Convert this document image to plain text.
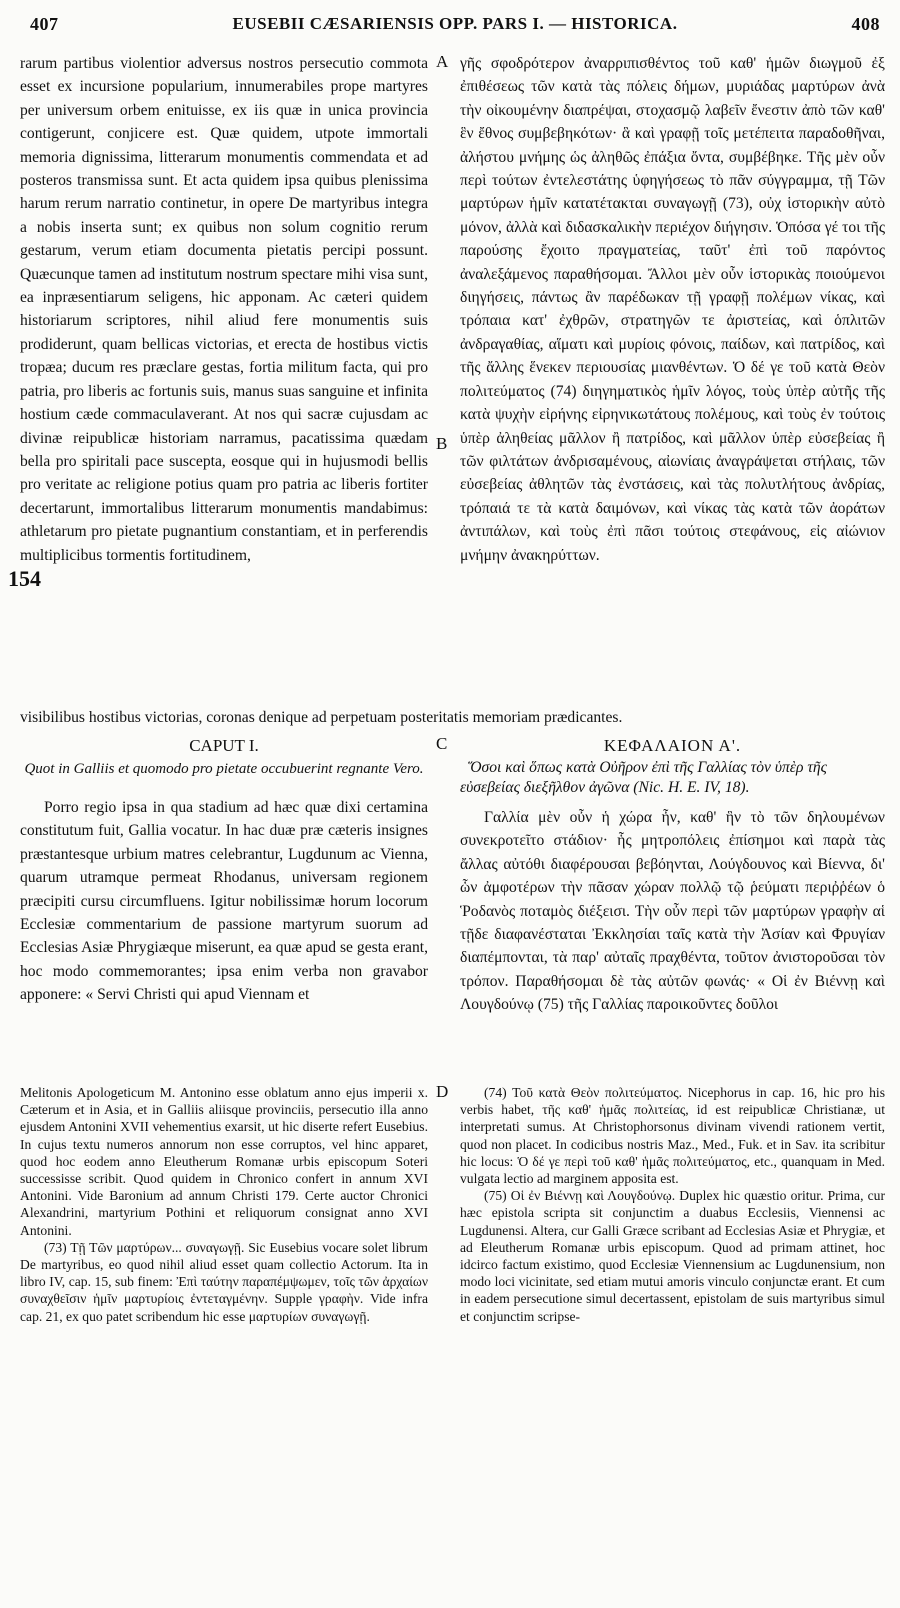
407	EUSEBII CÆSARIENSIS OPP. PARS I. — HISTORICA.	408
A
B
C
D
154

rarum partibus violentior adversus nostros persecutio commota esset ex incursione popularium, innumerabiles prope martyres per universum orbem enituisse, ex iis quæ in unica provincia contigerunt, conjicere est. Quæ quidem, utpote immortali memoria dignissima, litterarum monumentis commendata et ad posteros transmissa sunt. Et acta quidem ipsa quibus plenissima harum rerum narratio continetur, in opere De martyribus integra a nobis inserta sunt; ex quibus non solum cognitio rerum gestarum, verum etiam documenta pietatis percipi possunt. Quæcunque tamen ad institutum nostrum spectare mihi visa sunt, ea inpræsentiarum seligens, hic apponam. Ac cæteri quidem historiarum scriptores, nihil aliud fere monumentis suis prodiderunt, quam bellicas victorias, et erecta de hostibus victis tropæa; ducum res præclare gestas, fortia militum facta, qui pro patria, pro liberis ac fortunis suis, manus suas sanguine et infinita hostium cæde commaculaverant. At nos qui sacræ cujusdam ac divinæ reipublicæ historiam narramus, pacatissima quædam bella pro spiritali pace suscepta, eosque qui in hujusmodi bellis pro veritate ac religione potius quam pro patria ac liberis fortiter decertarunt, immortalibus litterarum monumentis mandabimus: athletarum pro pietate pugnantium constantiam, et in perferendis multiplicibus tormentis fortitudinem,

γῆς σφοδρότερον ἀναρριπισθέντος τοῦ καθ' ἡμῶν διωγμοῦ ἐξ ἐπιθέσεως τῶν κατὰ τὰς πόλεις δήμων, μυριάδας μαρτύρων ἀνὰ τὴν οἰκουμένην διαπρέψαι, στοχασμῷ λαβεῖν ἔνεστιν ἀπὸ τῶν καθ' ἓν ἔθνος συμβεβηκότων· ἃ καὶ γραφῇ τοῖς μετέπειτα παραδοθῆναι, ἀλήστου μνήμης ὡς ἀληθῶς ἐπάξια ὄντα, συμβέβηκε. Τῆς μὲν οὖν περὶ τούτων ἐντελεστάτης ὑφηγήσεως τὸ πᾶν σύγγραμμα, τῇ Τῶν μαρτύρων ἡμῖν κατατέτακται συναγωγῇ (73), οὐχ ἱστορικὴν αὐτὸ μόνον, ἀλλὰ καὶ διδασκαλικὴν περιέχον διήγησιν. Ὁπόσα γέ τοι τῆς παρούσης ἔχοιτο πραγματείας, ταῦτ' ἐπὶ τοῦ παρόντος ἀναλεξάμενος παραθήσομαι. Ἄλλοι μὲν οὖν ἱστορικὰς ποιούμενοι διηγήσεις, πάντως ἂν παρέδωκαν τῇ γραφῇ πολέμων νίκας, καὶ τρόπαια κατ' ἐχθρῶν, στρατηγῶν τε ἀριστείας, καὶ ὁπλιτῶν ἀνδραγαθίας, αἵματι καὶ μυρίοις φόνοις, παίδων, καὶ πατρίδος, καὶ τῆς ἄλλης ἕνεκεν περιουσίας μιανθέντων. Ὁ δέ γε τοῦ κατὰ Θεὸν πολιτεύματος (74) διηγηματικὸς ἡμῖν λόγος, τοὺς ὑπὲρ αὐτῆς τῆς κατὰ ψυχὴν εἰρήνης εἰρηνικωτάτους πολέμους, καὶ τοὺς ἐν τούτοις ὑπὲρ ἀληθείας μᾶλλον ἢ πατρίδος, καὶ μᾶλλον ὑπὲρ εὐσεβείας ἢ τῶν φιλτάτων ἀνδρισαμένους, αἰωνίαις ἀναγράψεται στήλαις, τῶν εὐσεβείας ἀθλητῶν τὰς ἐνστάσεις, καὶ τὰς πολυτλήτους ἀνδρίας, τρόπαιά τε τὰ κατὰ δαιμόνων, καὶ νίκας τὰς κατὰ τῶν ἀοράτων ἀντιπάλων, καὶ τοὺς ἐπὶ πᾶσι τούτοις στεφάνους, εἰς αἰώνιον μνήμην ἀνακηρύττων.

visibilibus hostibus victorias, coronas denique ad perpetuam posteritatis memoriam prædicantes.

CAPUT I.

Quot in Galliis et quomodo pro pietate occubuerint regnante Vero.

Porro regio ipsa in qua stadium ad hæc quæ dixi certamina constitutum fuit, Gallia vocatur. In hac duæ præ cæteris insignes præstantesque urbium matres celebrantur, Lugdunum ac Vienna, quarum utramque permeat Rhodanus, universam regionem præcipiti cursu circumfluens. Igitur nobilissimæ horum locorum Ecclesiæ commentarium de passione martyrum suorum ad Ecclesias Asiæ Phrygiæque miserunt, ea quæ apud se gesta erant, hoc modo commemorantes; ipsa enim verba non gravabor apponere: « Servi Christi qui apud Viennam et

ΚΕΦΑΛΑΙΟΝ Α'.

Ὅσοι καὶ ὅπως κατὰ Οὐῆρον ἐπὶ τῆς Γαλλίας τὸν ὑπὲρ τῆς εὐσεβείας διεξῆλθον ἀγῶνα (Nic. H. E. IV, 18).

Γαλλία μὲν οὖν ἡ χώρα ἦν, καθ' ἣν τὸ τῶν δηλουμένων συνεκροτεῖτο στάδιον· ἧς μητροπόλεις ἐπίσημοι καὶ παρὰ τὰς ἄλλας αὐτόθι διαφέρουσαι βεβόηνται, Λούγδουνος καὶ Βίεννα, δι' ὧν ἀμφοτέρων τὴν πᾶσαν χώραν πολλῷ τῷ ῥεύματι περιῤῥέων ὁ Ῥοδανὸς ποταμὸς διέξεισι. Τὴν οὖν περὶ τῶν μαρτύρων γραφὴν αἱ τῇδε διαφανέσταται Ἐκκλησίαι ταῖς κατὰ τὴν Ἀσίαν καὶ Φρυγίαν διαπέμπονται, τὰ παρ' αὐταῖς πραχθέντα, τοῦτον ἀνιστοροῦσαι τὸν τρόπον. Παραθήσομαι δὲ τὰς αὐτῶν φωνάς· « Οἱ ἐν Βιέννῃ καὶ Λουγδούνῳ (75) τῆς Γαλλίας παροικοῦντες δοῦλοι

Melitonis Apologeticum M. Antonino esse oblatum anno ejus imperii x. Cæterum et in Asia, et in Galliis aliisque provinciis, persecutio illa anno ejusdem Antonini XVII vehementius exarsit, ut hic diserte refert Eusebius. In cujus textu numeros annorum non esse corruptos, vel hinc apparet, quod hoc eodem anno Eleutherum Romanæ urbis episcopum Soteri successisse scribit. Quod quidem in Chronico confert in annum XVI Antonini. Vide Baronium ad annum Christi 179. Certe auctor Chronici Alexandrini, martyrium Pothini et reliquorum consignat anno XVI Antonini.

(73) Τῇ Τῶν μαρτύρων... συναγωγῇ. Sic Eusebius vocare solet librum De martyribus, eo quod nihil aliud esset quam collectio Actorum. Ita in libro IV, cap. 15, sub finem: Ἐπὶ ταύτην παραπέμψωμεν, τοῖς τῶν ἀρχαίων συναχθεῖσιν ἡμῖν μαρτυρίοις ἐντεταγμένην. Supple γραφὴν. Vide infra cap. 21, ex quo patet scribendum hic esse μαρτυρίων συναγωγῇ.

(74) Τοῦ κατὰ Θεὸν πολιτεύματος. Nicephorus in cap. 16, hic pro his verbis habet, τῆς καθ' ἡμᾶς πολιτείας, id est reipublicæ Christianæ, ut interpretati sumus. At Christophorsonus divinam vivendi rationem vertit, quod non placet. In codicibus nostris Maz., Med., Fuk. et in Sav. ita scribitur hic locus: Ὁ δέ γε περὶ τοῦ καθ' ἡμᾶς πολιτεύματος, etc., quanquam in Med. vulgata lectio ad marginem apposita est.

(75) Οἱ ἐν Βιέννῃ καὶ Λουγδούνῳ. Duplex hic quæstio oritur. Prima, cur hæc epistola scripta sit conjunctim a duabus Ecclesiis, Viennensi ac Lugdunensi. Altera, cur Galli Græce scribant ad Ecclesias Asiæ et Phrygiæ, et ad Eleutherum Romanæ urbis episcopum. Quod ad primam attinet, hoc idcirco factum existimo, quod Ecclesiæ Viennensium ac Lugdunensium, non modo loci vicinitate, sed etiam mutui amoris vinculo conjunctæ erant. Et cum in eadem persecutione simul decertassent, epistolam de suis martyribus simul et conjunctim scripse-
